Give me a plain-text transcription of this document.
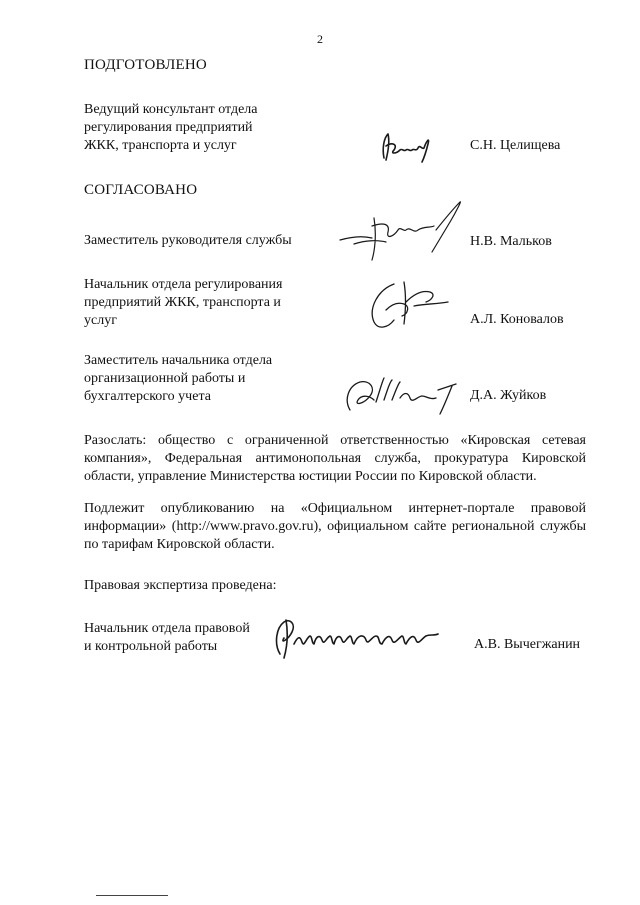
2
ПОДГОТОВЛЕНО
Ведущий консультант отдела
регулирования предприятий
ЖКК, транспорта и услуг	С.Н. Целищева
СОГЛАСОВАНО
Заместитель руководителя службы	Н.В. Мальков
Начальник отдела регулирования
предприятий ЖКК, транспорта и
услуг	А.Л. Коновалов
Заместитель начальника отдела
организационной работы и
бухгалтерского учета	Д.А. Жуйков
Разослать: общество с ограниченной ответственностью «Кировская сетевая компания», Федеральная антимонопольная служба, прокуратура Кировской области, управление Министерства юстиции России по Кировской области.
Подлежит опубликованию на «Официальном интернет-портале правовой информации» (http://www.pravo.gov.ru), официальном сайте региональной службы по тарифам Кировской области.
Правовая экспертиза проведена:
Начальник отдела правовой
и контрольной работы	А.В. Вычегжанин
